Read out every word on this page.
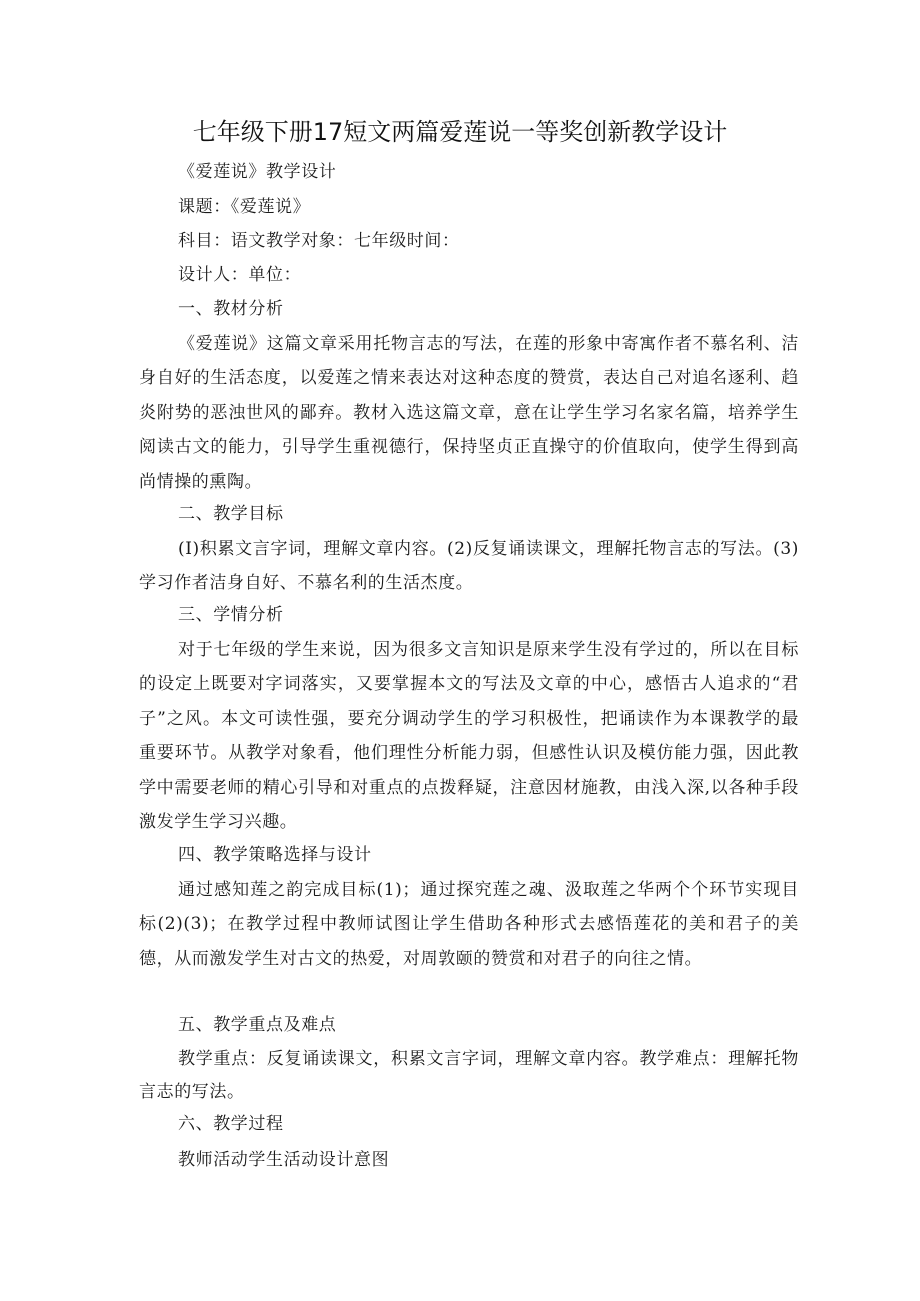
七年级下册17短文两篇爱莲说一等奖创新教学设计
《爱莲说》教学设计
课题：《爱莲说》
科目：语文教学对象：七年级时间：
设计人：单位：
一、教材分析
《爱莲说》这篇文章采用托物言志的写法，在莲的形象中寄寓作者不慕名利、洁身自好的生活态度，以爱莲之情来表达对这种态度的赞赏，表达自己对追名逐利、趋炎附势的恶浊世风的鄙弃。教材入选这篇文章，意在让学生学习名家名篇，培养学生阅读古文的能力，引导学生重视德行，保持坚贞正直操守的价值取向，使学生得到高尚情操的熏陶。
二、教学目标
(I)积累文言字词，理解文章内容。(2)反复诵读课文，理解托物言志的写法。(3)学习作者洁身自好、不慕名利的生活杰度。
三、学情分析
对于七年级的学生来说，因为很多文言知识是原来学生没有学过的，所以在目标的设定上既要对字词落实，又要掌握本文的写法及文章的中心，感悟古人追求的“君子”之风。本文可读性强，要充分调动学生的学习积极性，把诵读作为本课教学的最重要环节。从教学对象看，他们理性分析能力弱，但感性认识及模仿能力强，因此教学中需要老师的精心引导和对重点的点拨释疑，注意因材施教，由浅入深,以各种手段激发学生学习兴趣。
四、教学策略选择与设计
通过感知莲之韵完成目标(1)；通过探究莲之魂、汲取莲之华两个个环节实现目标(2)(3)；在教学过程中教师试图让学生借助各种形式去感悟莲花的美和君子的美德，从而激发学生对古文的热爱，对周敦颐的赞赏和对君子的向往之情。
五、教学重点及难点
教学重点：反复诵读课文，积累文言字词，理解文章内容。教学难点：理解托物言志的写法。
六、教学过程
教师活动学生活动设计意图
